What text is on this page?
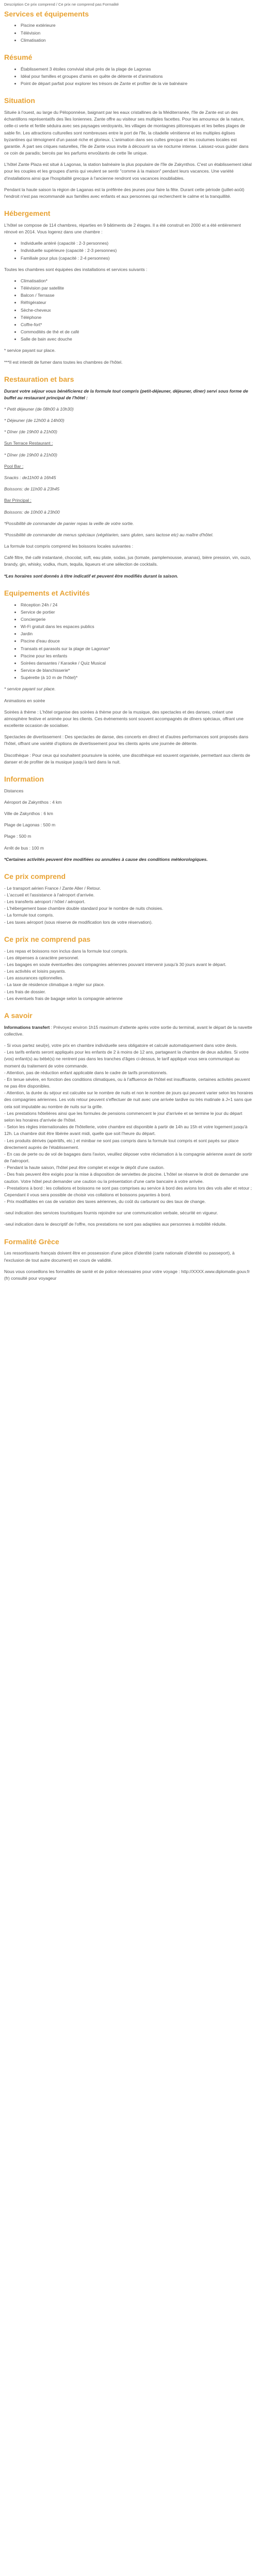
Description Ce prix comprend / Ce prix ne comprend pas Formalité
Services et équipements
• Piscine extérieure
• Télévision
• Climatisation
Résumé
• Établissement 3 étoiles convivial situé près de la plage de Lagonas
• Idéal pour familles et groupes d'amis en quête de détente et d'animations
• Point de départ parfait pour explorer les trésors de Zante et profiter de la vie balnéaire
Situation

Située à l'ouest, au large du Péloponnèse, baignant par les eaux cristallines de la Méditerranée, l'île de Zante est un des échantillons représentatifs des îles Ioniennes. Zante offre au visiteur ses multiples facettes. Pour les amoureux de la nature, celle-ci verte et fertile séduira avec ses paysages verdoyants, les villages de montagnes pittoresques et les belles plages de sable fin. Les attractions culturelles sont nombreuses entre le port de l'île, la citadelle vénitienne et les multiples églises byzantines qui témoignent d'un passé riche et glorieux. L'animation dans ses cultes grecque et les coutumes locales est garantie. À part ses criques naturelles, l'île de Zante vous invite à découvrir sa vie nocturne intense. Laissez-vous guider dans ce coin de paradis; bercés par les parfums envoûtants de cette île unique.

L'hôtel Zante Plaza est situé à Lagonas, la station balnéaire la plus populaire de l'île de Zakynthos. C'est un établissement idéal pour les couples et les groupes d'amis qui veulent se sentir "comme à la maison" pendant leurs vacances. Une variété d'installations ainsi que l'hospitalité grecque à l'ancienne rendront vos vacances inoubliables.

Pendant la haute saison la région de Laganas est la préférée des jeunes pour faire la fête. Durant cette période (juillet-août) l'endroit n'est pas recommandé aux familles avec enfants et aux personnes qui recherchent le calme et la tranquillité.

Hébergement

L'hôtel se compose de 114 chambres, réparties en 9 bâtiments de 2 étages. Il a été construit en 2000 et a été entièrement rénové en 2014. Vous logerez dans une chambre :

• Individuelle antéré (capacité : 2-3 personnes)
• Individuelle supérieure (capacité : 2-3 personnes)
• Familiale pour plus (capacité : 2-4 personnes)

Toutes les chambres sont équipées des installations et services suivants :

• Climatisation*
• Télévision par satellite
• Balcon / Terrasse
• Réfrigérateur
• Sèche-cheveux
• Téléphone
• Coffre-fort*
• Commodités de thé et de café
• Salle de bain avec douche

* service payant sur place.

***Il est interdit de fumer dans toutes les chambres de l'hôtel.

Restauration et bars

Durant votre séjour vous bénéficierez de la formule tout compris (petit-déjeuner, déjeuner, dîner) servi sous forme de buffet au restaurant principal de l'hôtel :

* Petit déjeuner (de 08h00 à 10h30)

* Déjeuner (de 12h00 à 14h00)

* Dîner (de 19h00 à 21h00)

Sun Terrace Restaurant :

* Dîner (de 19h00 à 21h00)

Pool Bar :

Snacks : de11h00 à 16h45

Boissons: de 11h00 à 23h45

Bar Principal :

Boissons: de 10h00 à 23h00

*Possibilité de commander de panier repas la veille de votre sortie.

*Possibilité de commander de menus spéciaux (végétarien, sans gluten, sans lactose etc) au maître d'hôtel.

La formule tout compris comprend les boissons locales suivantes :

Café filtre, thé café instantané, chocolat, soft, eau plate, sodas, jus (tomate, pamplemousse, ananas), bière pression, vin, ouzo, brandy, gin, whisky, vodka, rhum, tequila, liqueurs et une sélection de cocktails.

*Les horaires sont donnés à titre indicatif et peuvent être modifiés durant la saison.

Equipements et Activités
• Réception 24h / 24
• Service de portier
• Conciergerie
• Wi-Fi gratuit dans les espaces publics
• Jardin
• Piscine d'eau douce
• Transats et parasols sur la plage de Lagonas*
• Piscine pour les enfants
• Soirées dansantes / Karaoke / Quiz Musical
• Service de blanchisserie*
• Supérette (à 10 m de l'hôtel)*

* service payant sur place.

Animations en soirée

Soirées à thème : L'hôtel organise des soirées à thème pour de la musique, des spectacles et des danses, créant une atmosphère festive et animée pour les clients. Ces événements sont souvent accompagnés de dîners spéciaux, offrant une excellente occasion de socialiser.

Spectacles de divertissement : Des spectacles de danse, des concerts en direct et d'autres performances sont proposés dans l'hôtel, offrant une variété d'options de divertissement pour les clients après une journée de détente.

Discothèque : Pour ceux qui souhaitent poursuivre la soirée, une discothèque est souvent organisée, permettant aux clients de danser et de profiter de la musique jusqu'à tard dans la nuit.

Information

Distances

Aéroport de Zakynthos : 4 km

Ville de Zakynthos : 6 km

Plage de Lagonas : 500 m

Plage : 500 m

Arrêt de bus : 100 m

*Certaines activités peuvent être modifiées ou annulées à cause des conditions météorologiques.

Ce prix comprend

- Le transport aérien France / Zante Aller / Retour.

- L'accueil et l'assistance à l'aéroport d'arrivée.

- Les transferts aéroport / hôtel / aéroport.

- L'hébergement base chambre double standard pour le nombre de nuits choisies.

- La formule tout compris.

- Les taxes aéroport (sous réserve de modification lors de votre réservation).

Ce prix ne comprend pas

- Les repas et boissons non inclus dans la formule tout compris.

- Les dépenses à caractère personnel.

- Les bagages en soute éventuelles des compagnies aériennes pouvant intervenir jusqu'à 30 jours avant le départ.

- Les activités et loisirs payants.

- Les assurances optionnelles.

- La taxe de résidence climatique à régler sur place.

- Les frais de dossier.

- Les éventuels frais de bagage selon la compagnie aérienne

A savoir

Informations transfert : Prévoyez environ 1h15 maximum d'attente après votre sortie du terminal, avant le départ de la navette collective.

- Si vous partez seul(e), votre prix en chambre individuelle sera obligatoire et calculé automatiquement dans votre devis.

- Les tarifs enfants seront appliqués pour les enfants de 2 à moins de 12 ans, partageant la chambre de deux adultes. Si votre (vos) enfant(s) au bébé(s) ne rentrent pas dans les tranches d'âges ci-dessus, le tarif appliqué vous sera communiqué au moment du traitement de votre commande.

- Attention, pas de réduction enfant applicable dans le cadre de tarifs promotionnels.

- En tenue sévère, en fonction des conditions climatiques, ou à l'affluence de l'hôtel est insuffisante, certaines activités peuvent ne pas être disponibles.

- Attention, la durée du séjour est calculée sur le nombre de nuits et non le nombre de jours qui peuvent varier selon les horaires des compagnies aériennes. Les vols retour peuvent s'effectuer de nuit avec une arrivée tardive ou très matinale à J+1 sans que cela soit imputable au nombre de nuits sur la grille.

- Les prestations hôtelières ainsi que les formules de pensions commencent le jour d'arrivée et se termine le jour du départ selon les horaires d'arrivée de l'hôtel.

- Selon les règles internationales de l'hôtellerie, votre chambre est disponible à partir de 14h au 15h et votre logement jusqu'à 12h. La chambre doit être libérée avant midi, quelle que soit l'heure du départ.

- Les produits dérivés (apéritifs, etc.) et minibar ne sont pas compris dans la formule tout compris et sont payés sur place directement auprès de l'établissement.

- En cas de perte ou de vol de bagages dans l'avion, veuillez déposer votre réclamation à la compagnie aérienne avant de sortir de l'aéroport.

- Pendant la haute saison, l'hôtel peut être complet et exige le dépôt d'une caution.

- Des frais peuvent être exigés pour la mise à disposition de serviettes de piscine. L'hôtel se réserve le droit de demander une caution. Votre hôtel peut demander une caution ou la présentation d'une carte bancaire à votre arrivée.

- Prestations à bord : les collations et boissons ne sont pas comprises au service à bord des avions lors des vols aller et retour ; Cependant il vous sera possible de choisir vos collations et boissons payantes à bord.

- Prix modifiables en cas de variation des taxes aériennes, du coût du carburant ou des taux de change.

-seul indication des services touristiques fournis rejoindre sur une communication verbale, sécurité en vigueur.

-seul indication dans le descriptif de l'offre, nos prestations ne sont pas adaptées aux personnes à mobilité réduite.

Formalité Grèce

Les ressortissants français doivent être en possession d'une pièce d'identité (carte nationale d'identité ou passeport), à l'exclusion de tout autre document) en cours de validité.

Nous vous conseillons les formalités de santé et de police nécessaires pour votre voyage : http://XXXX.www.diplomatie.gouv.fr (fr) consulté pour voyageur
